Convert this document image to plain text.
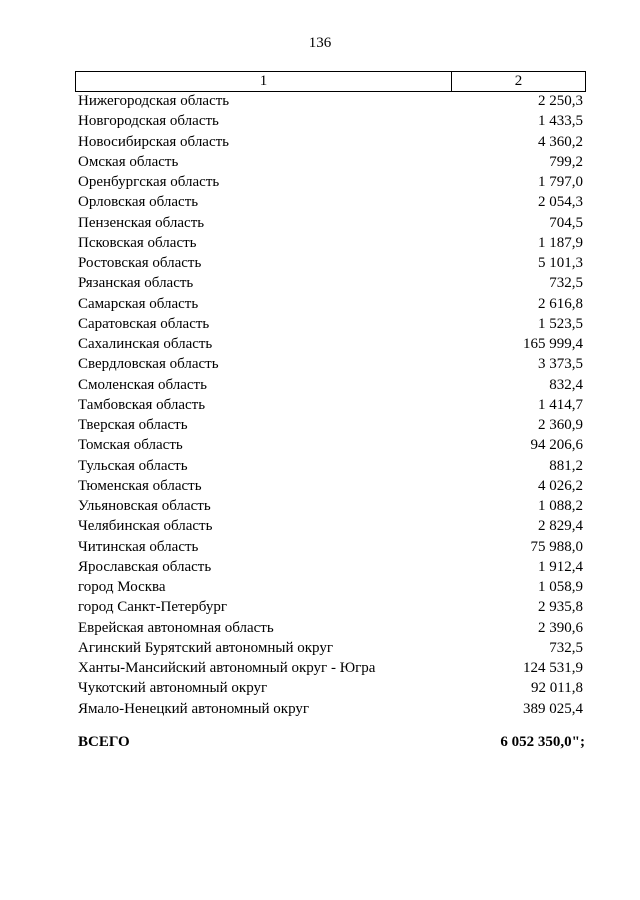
136
1	2
Нижегородская область	2 250,3
Новгородская область	1 433,5
Новосибирская область	4 360,2
Омская область	799,2
Оренбургская область	1 797,0
Орловская область	2 054,3
Пензенская область	704,5
Псковская область	1 187,9
Ростовская область	5 101,3
Рязанская область	732,5
Самарская область	2 616,8
Саратовская область	1 523,5
Сахалинская область	165 999,4
Свердловская область	3 373,5
Смоленская область	832,4
Тамбовская область	1 414,7
Тверская область	2 360,9
Томская область	94 206,6
Тульская область	881,2
Тюменская область	4 026,2
Ульяновская область	1 088,2
Челябинская область	2 829,4
Читинская область	75 988,0
Ярославская область	1 912,4
город Москва	1 058,9
город Санкт-Петербург	2 935,8
Еврейская автономная область	2 390,6
Агинский Бурятский автономный округ	732,5
Ханты-Мансийский автономный округ - Югра	124 531,9
Чукотский автономный округ	92 011,8
Ямало-Ненецкий автономный округ	389 025,4
ВСЕГО	6 052 350,0";
